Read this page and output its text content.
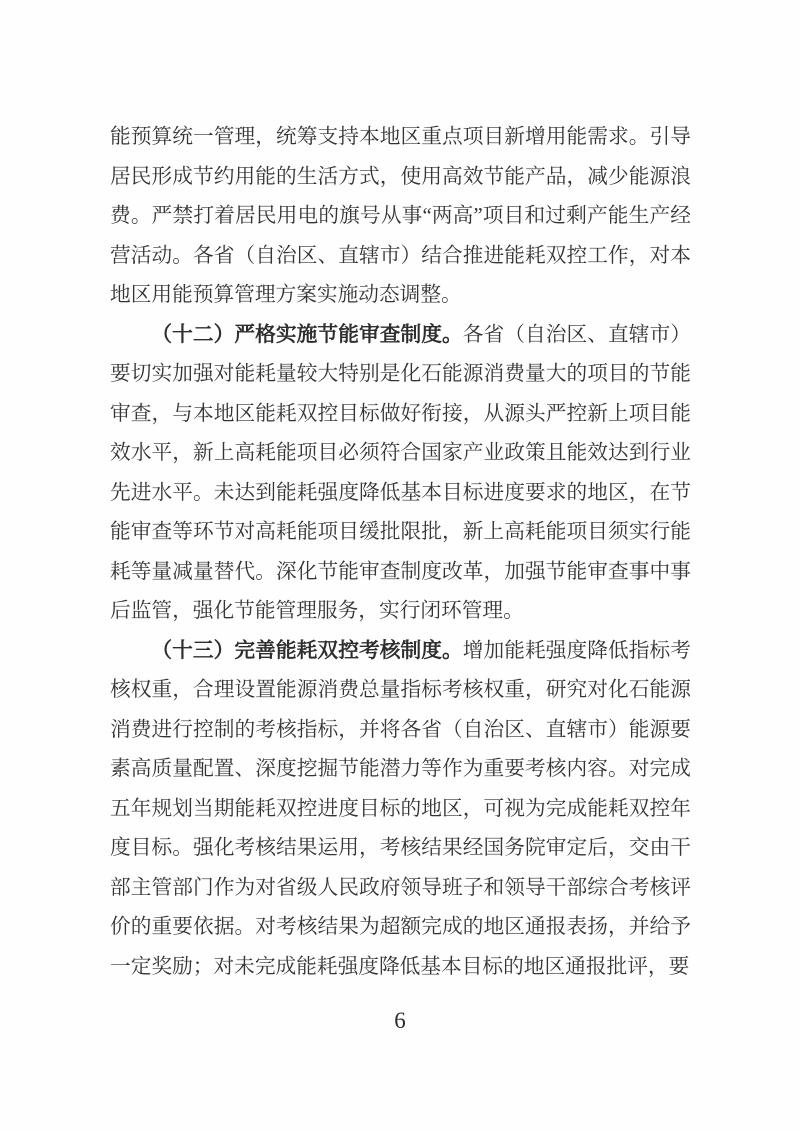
能预算统一管理，统筹支持本地区重点项目新增用能需求。引导居民形成节约用能的生活方式，使用高效节能产品，减少能源浪费。严禁打着居民用电的旗号从事“两高”项目和过剩产能生产经营活动。各省（自治区、直辖市）结合推进能耗双控工作，对本地区用能预算管理方案实施动态调整。

（十二）严格实施节能审查制度。各省（自治区、直辖市）要切实加强对能耗量较大特别是化石能源消费量大的项目的节能审查，与本地区能耗双控目标做好衔接，从源头严控新上项目能效水平，新上高耗能项目必须符合国家产业政策且能效达到行业先进水平。未达到能耗强度降低基本目标进度要求的地区，在节能审查等环节对高耗能项目缓批限批，新上高耗能项目须实行能耗等量减量替代。深化节能审查制度改革，加强节能审查事中事后监管，强化节能管理服务，实行闭环管理。

（十三）完善能耗双控考核制度。增加能耗强度降低指标考核权重，合理设置能源消费总量指标考核权重，研究对化石能源消费进行控制的考核指标，并将各省（自治区、直辖市）能源要素高质量配置、深度挖掘节能潜力等作为重要考核内容。对完成五年规划当期能耗双控进度目标的地区，可视为完成能耗双控年度目标。强化考核结果运用，考核结果经国务院审定后，交由干部主管部门作为对省级人民政府领导班子和领导干部综合考核评价的重要依据。对考核结果为超额完成的地区通报表扬，并给予一定奖励；对未完成能耗强度降低基本目标的地区通报批评，要

6
